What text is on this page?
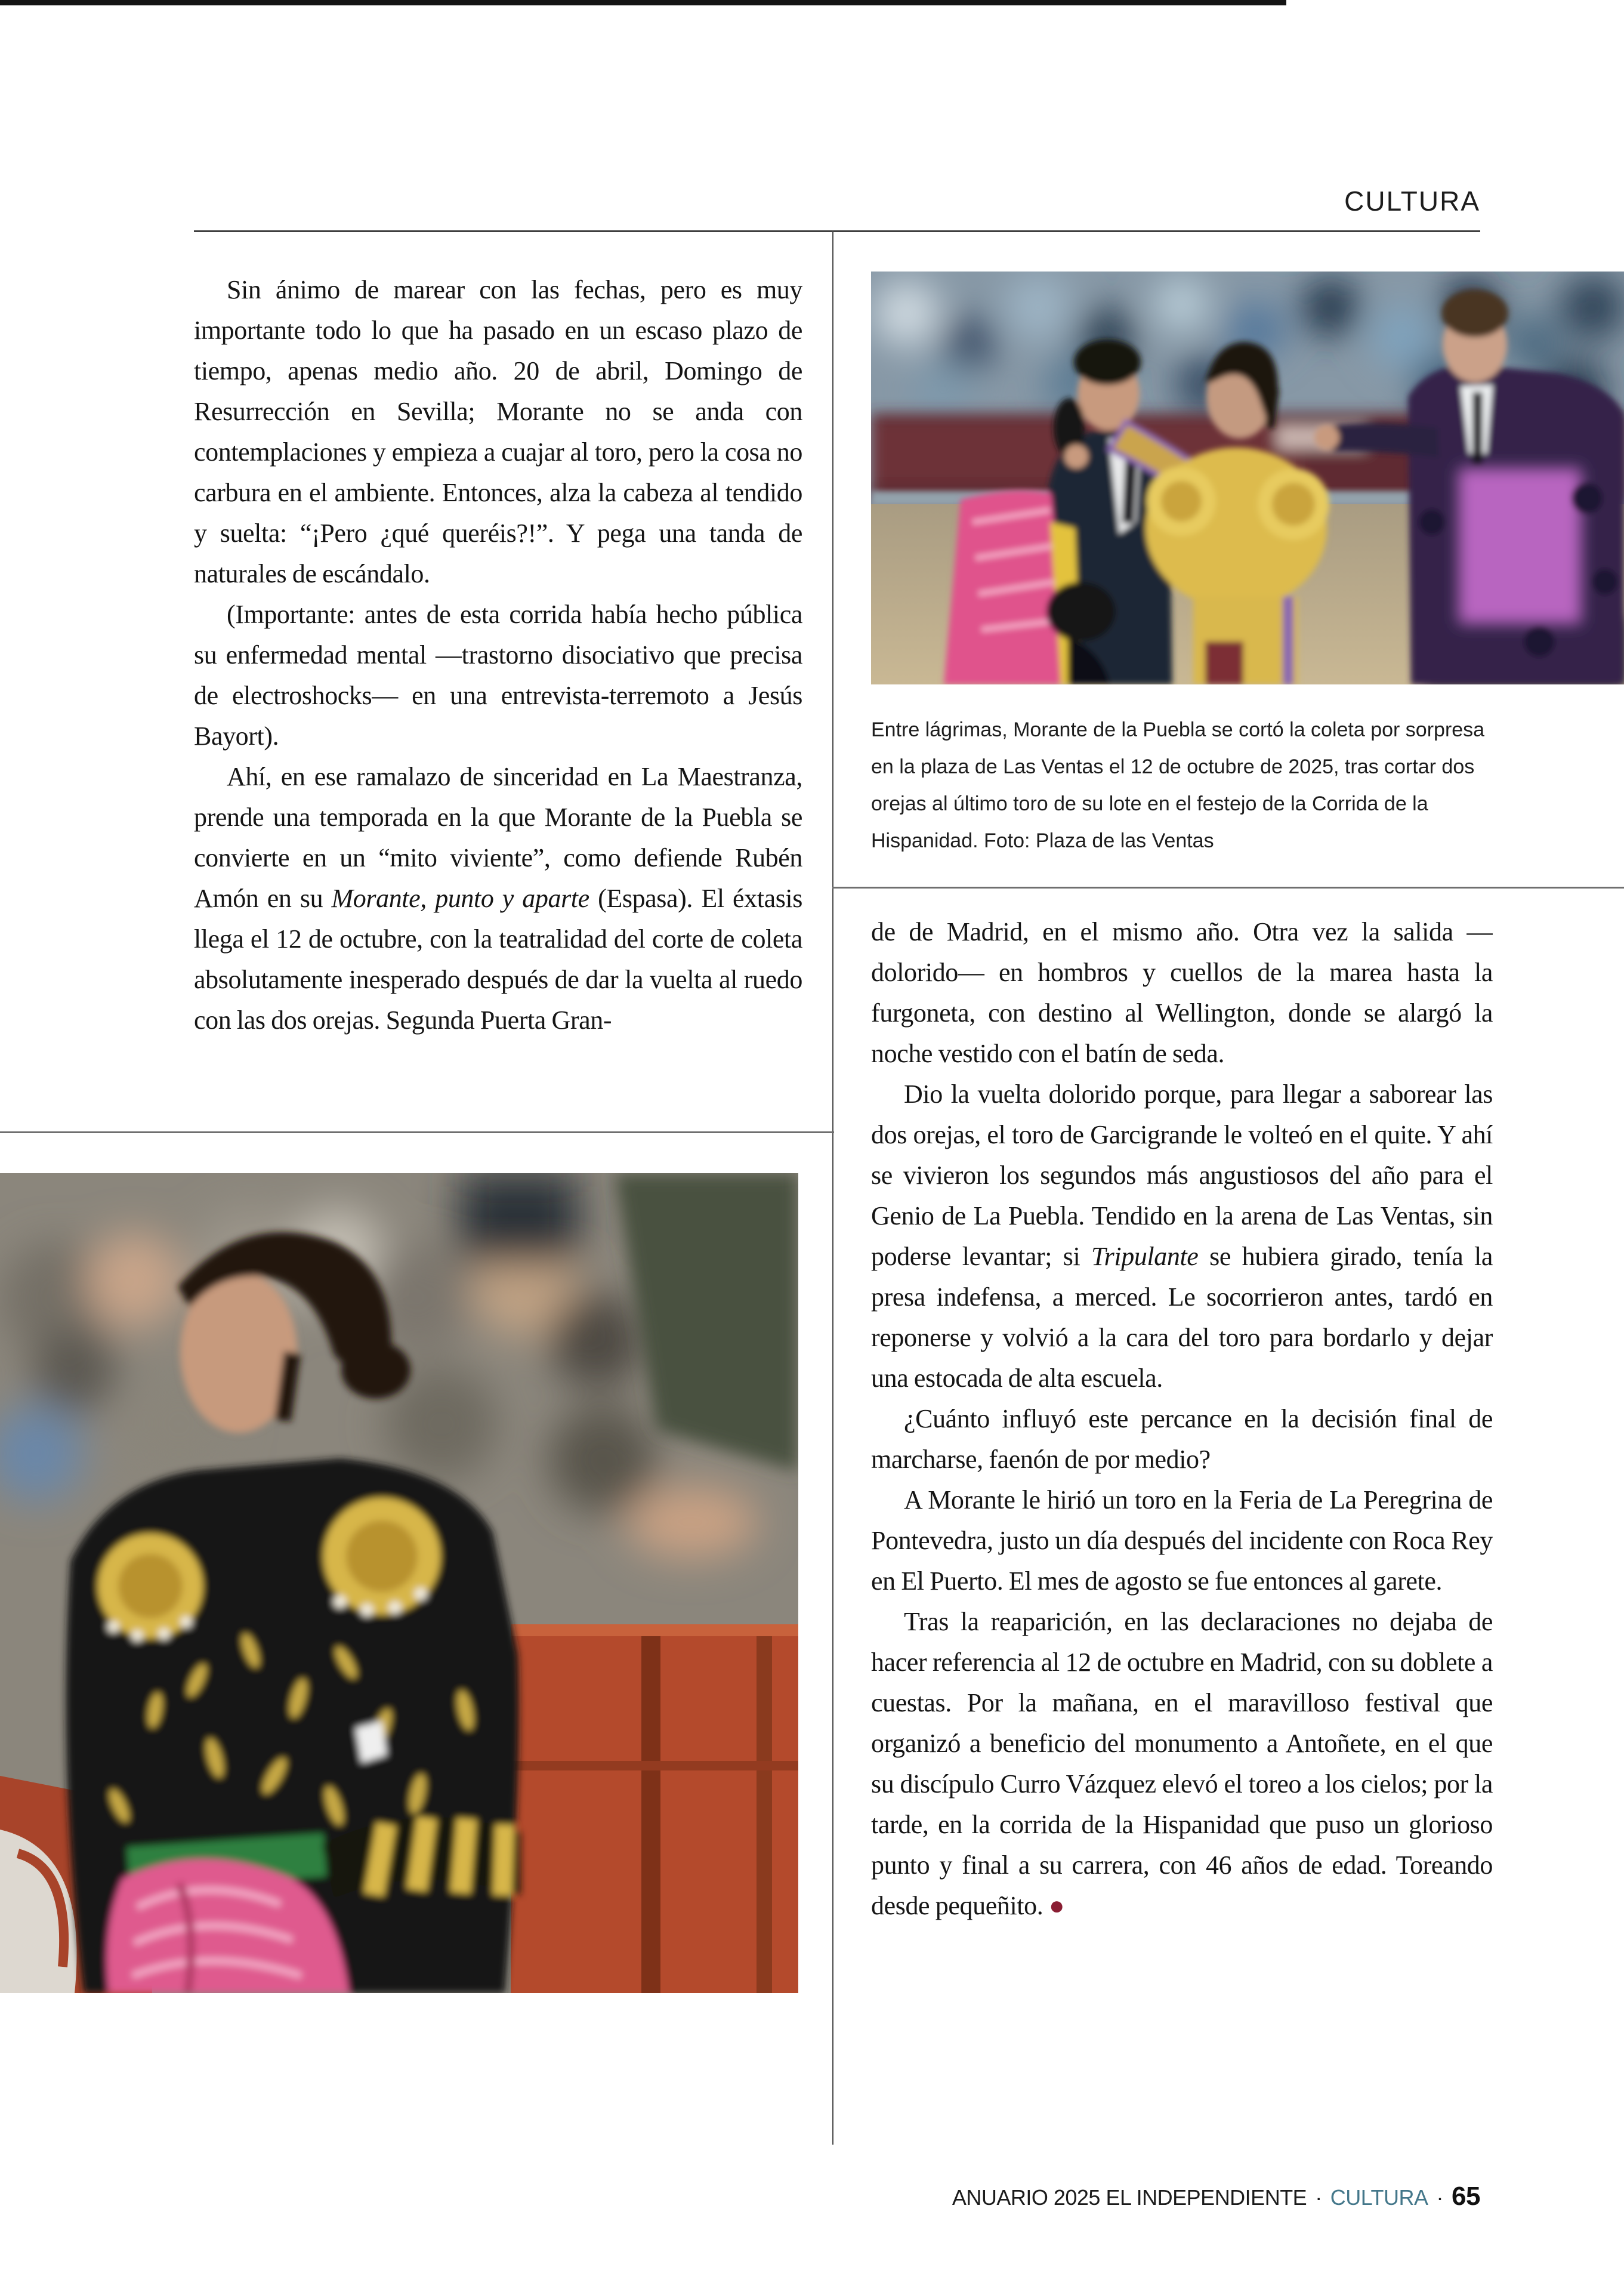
CULTURA

Sin ánimo de marear con las fechas, pero es muy importante todo lo que ha pasado en un escaso plazo de tiempo, apenas medio año. 20 de abril, Domingo de Resurrección en Sevilla; Morante no se anda con contemplaciones y empieza a cuajar al toro, pero la cosa no carbura en el ambiente. Entonces, alza la cabeza al tendido y suelta: “¡Pero ¿qué queréis?!”. Y pega una tanda de naturales de escándalo.

(Importante: antes de esta corrida había hecho pública su enfermedad mental —trastorno disociativo que precisa de electroshocks— en una entrevista-terremoto a Jesús Bayort).

Ahí, en ese ramalazo de sinceridad en La Maestranza, prende una temporada en la que Morante de la Puebla se convierte en un “mito viviente”, como defiende Rubén Amón en su Morante, punto y aparte (Espasa). El éxtasis llega el 12 de octubre, con la teatralidad del corte de coleta absolutamente inesperado después de dar la vuelta al ruedo con las dos orejas. Segunda Puerta Gran-

Entre lágrimas, Morante de la Puebla se cortó la coleta por sorpresa en la plaza de Las Ventas el 12 de octubre de 2025, tras cortar dos orejas al último toro de su lote en el festejo de la Corrida de la Hispanidad. Foto: Plaza de las Ventas

de de Madrid, en el mismo año. Otra vez la salida —dolorido— en hombros y cuellos de la marea hasta la furgoneta, con destino al Wellington, donde se alargó la noche vestido con el batín de seda.

Dio la vuelta dolorido porque, para llegar a saborear las dos orejas, el toro de Garcigrande le volteó en el quite. Y ahí se vivieron los segundos más angustiosos del año para el Genio de La Puebla. Tendido en la arena de Las Ventas, sin poderse levantar; si Tripulante se hubiera girado, tenía la presa indefensa, a merced. Le socorrieron antes, tardó en reponerse y volvió a la cara del toro para bordarlo y dejar una estocada de alta escuela.

¿Cuánto influyó este percance en la decisión final de marcharse, faenón de por medio?

A Morante le hirió un toro en la Feria de La Peregrina de Pontevedra, justo un día después del incidente con Roca Rey en El Puerto. El mes de agosto se fue entonces al garete.

Tras la reaparición, en las declaraciones no dejaba de hacer referencia al 12 de octubre en Madrid, con su doblete a cuestas. Por la mañana, en el maravilloso festival que organizó a beneficio del monumento a Antoñete, en el que su discípulo Curro Vázquez elevó el toreo a los cielos; por la tarde, en la corrida de la Hispanidad que puso un glorioso punto y final a su carrera, con 46 años de edad. Toreando desde pequeñito. ●

ANUARIO 2025 EL INDEPENDIENTE · CULTURA · 65
